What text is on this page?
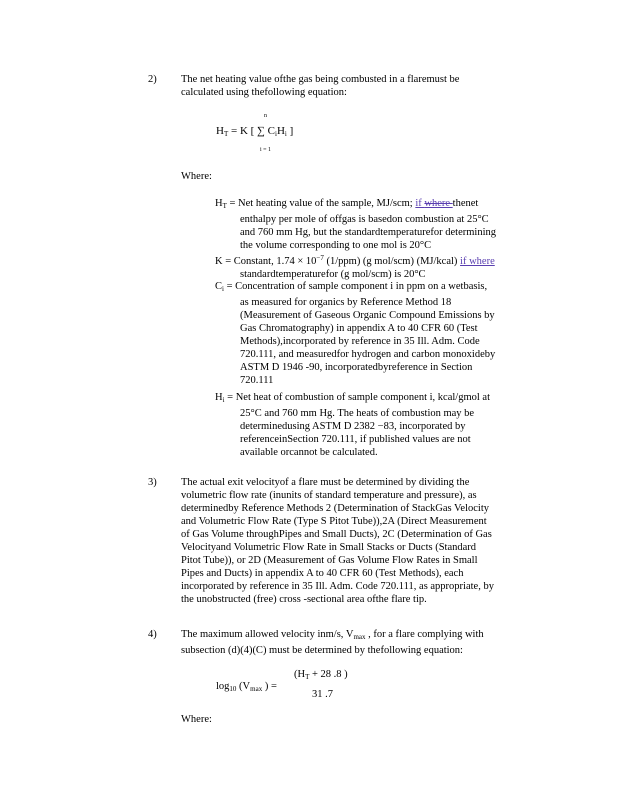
2) The net heating value ofthe gas being combusted in a flaremust be
calculated using thefollowing equation:
n
$H_T = K$ [ ∑ $C_iH_i$ ]
i = 1
Where:
$H_T$ = Net heating value of the sample, MJ/scm; if where thenet
enthalpy per mole of offgas is basedon combustion at 25°C
and 760 mm Hg, but the standardtemperaturefor determining
the volume corresponding to one mol is 20°C
K = Constant, $1.74 \times 10^{-7}$ (1/ppm) (g mol/scm) (MJ/kcal) if where
standardtemperaturefor (g mol/scm) is 20°C
$C_i$ = Concentration of sample component i in ppm on a wetbasis,
as measured for organics by Reference Method 18
(Measurement of Gaseous Organic Compound Emissions by
Gas Chromatography) in appendix A to 40 CFR 60 (Test
Methods),incorporated by reference in 35 Ill. Adm. Code
720.111, and measuredfor hydrogen and carbon monoxideby
ASTM D 1946 -90, incorporatedbyreference in Section
720.111
$H_i$ = Net heat of combustion of sample component i, kcal/gmol at
25°C and 760 mm Hg. The heats of combustion may be
determinedusing ASTM D 2382 −83, incorporated by
referenceinSection 720.111, if published values are not
available orcannot be calculated.
3) The actual exit velocityof a flare must be determined by dividing the
volumetric flow rate (inunits of standard temperature and pressure), as
determinedby Reference Methods 2 (Determination of StackGas Velocity
and Volumetric Flow Rate (Type S Pitot Tube)),2A (Direct Measurement
of Gas Volume throughPipes and Small Ducts), 2C (Determination of Gas
Velocityand Volumetric Flow Rate in Small Stacks or Ducts (Standard
Pitot Tube)), or 2D (Measurement of Gas Volume Flow Rates in Small
Pipes and Ducts) in appendix A to 40 CFR 60 (Test Methods), each
incorporated by reference in 35 Ill. Adm. Code 720.111, as appropriate, by
the unobstructed (free) cross -sectional area ofthe flare tip.
4) The maximum allowed velocity inm/s, $V_{max}$ , for a flare complying with
subsection (d)(4)(C) must be determined by thefollowing equation:
$\log_{10} (V_{max}$ ) =
($H_T + 28$ .8 )
31 .7
Where:
